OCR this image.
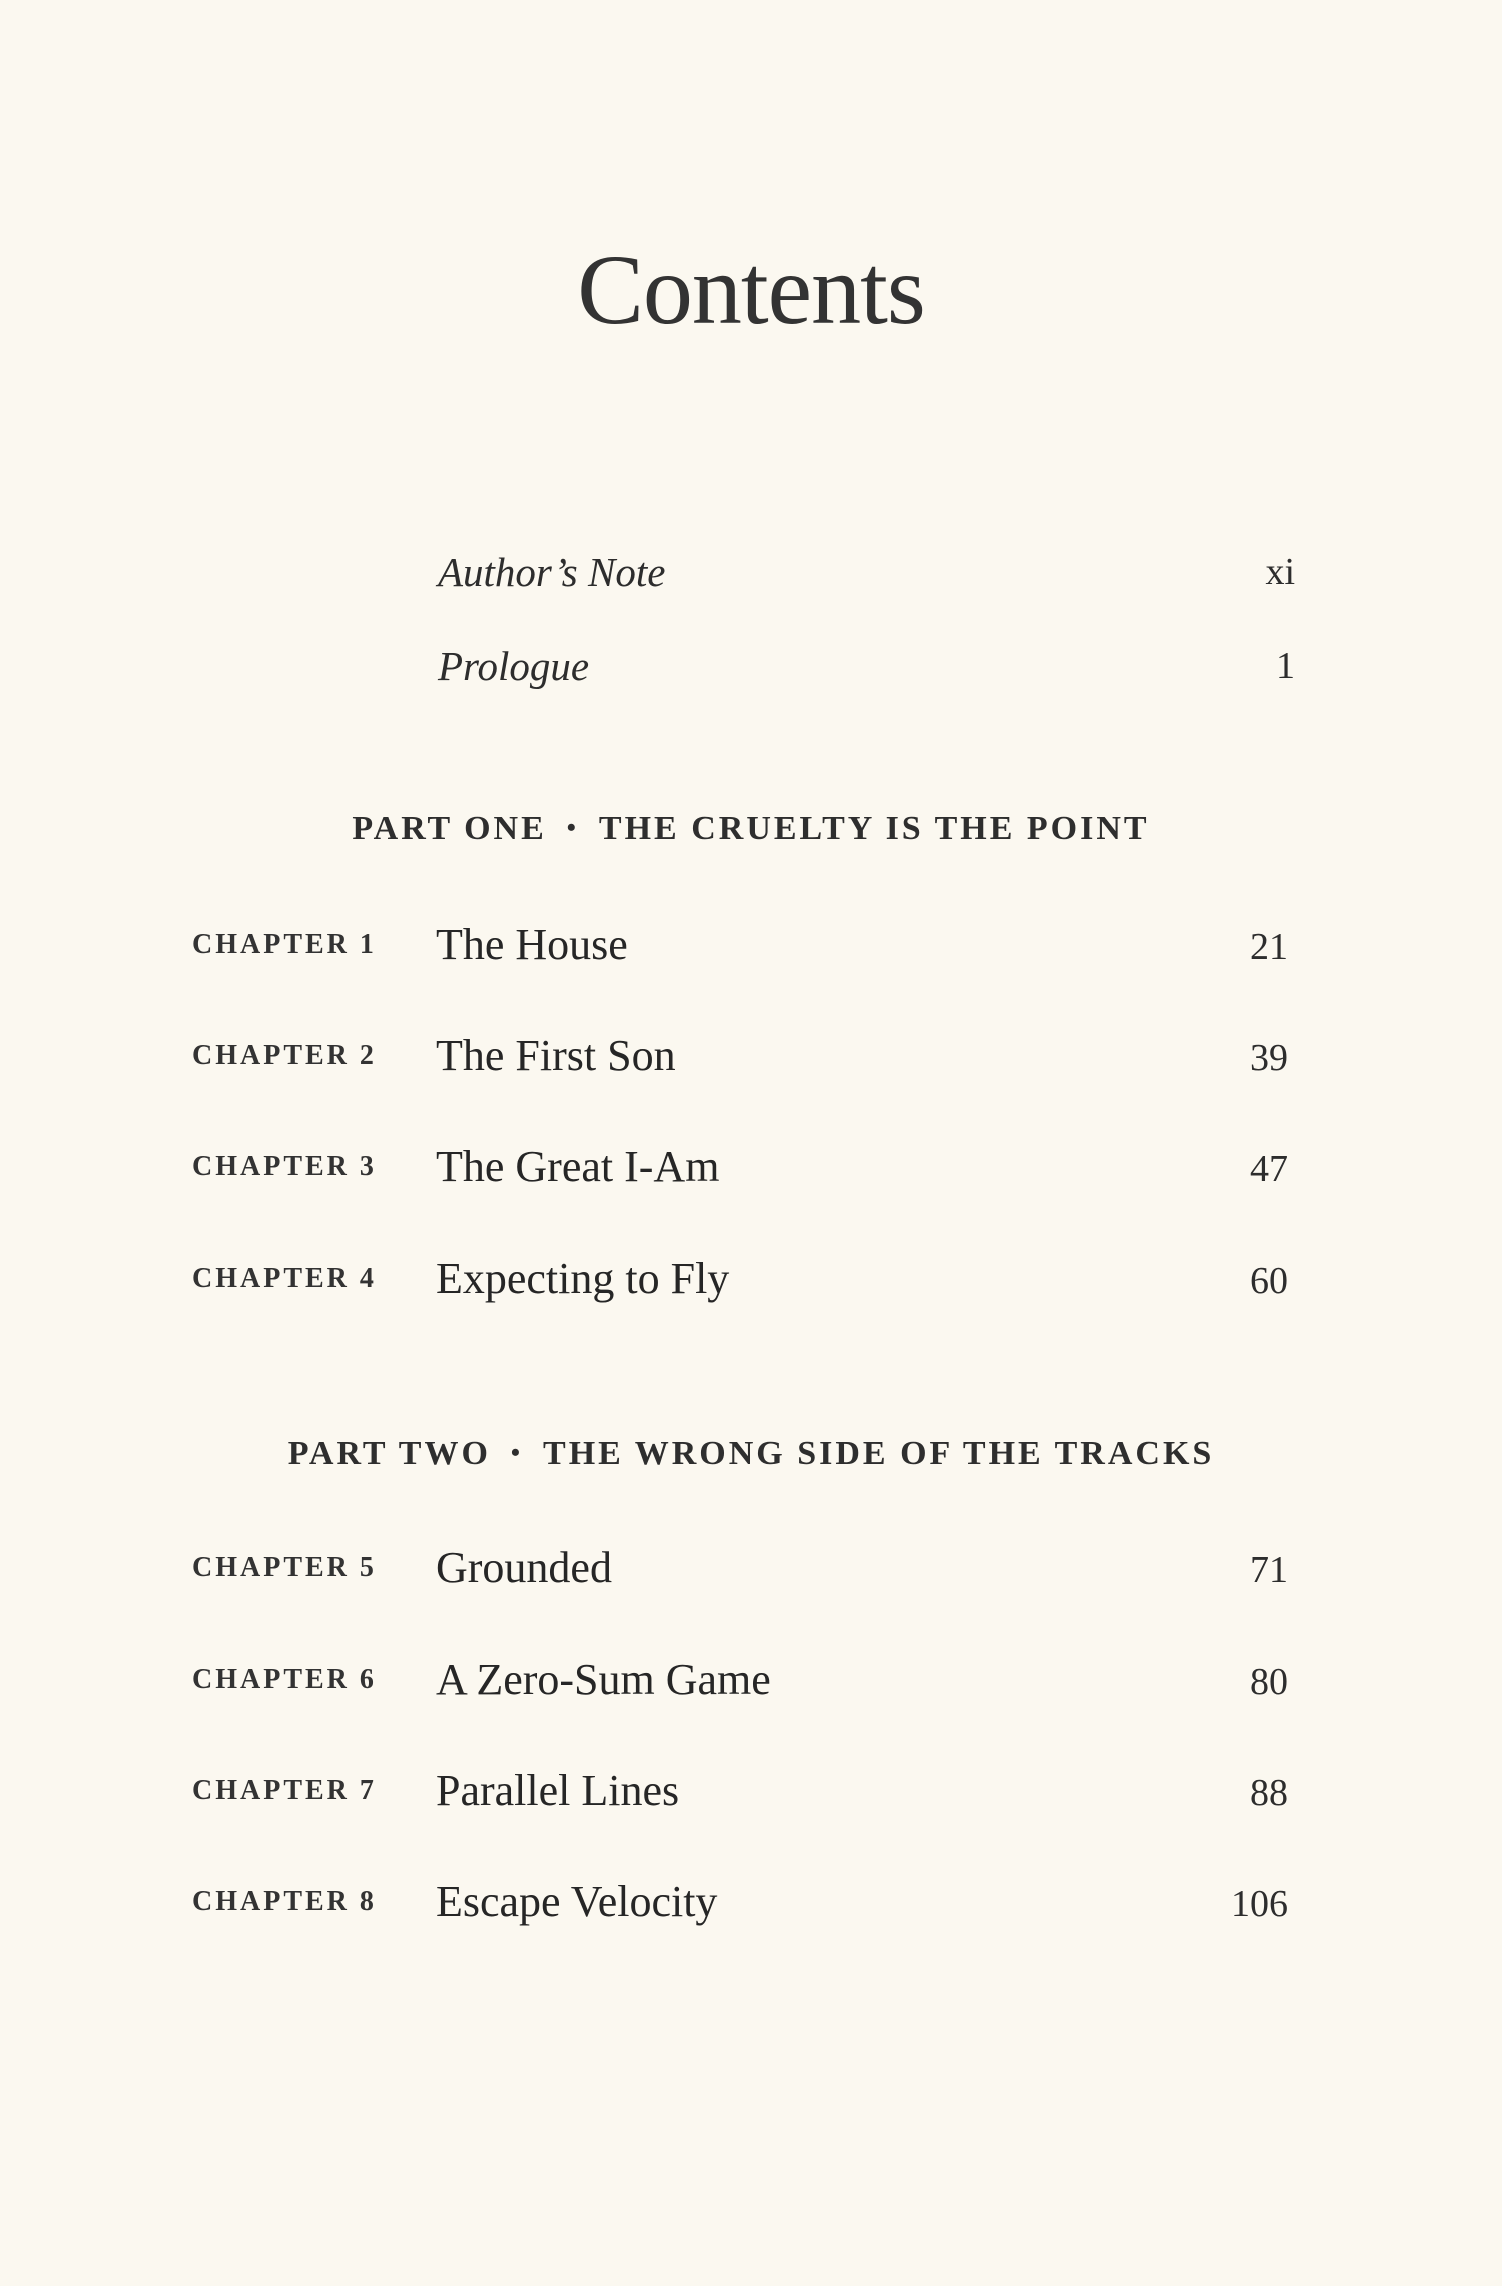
Contents
Author’s Note	xi
Prologue	1
PART ONE • THE CRUELTY IS THE POINT
CHAPTER 1	The House	21
CHAPTER 2	The First Son	39
CHAPTER 3	The Great I-Am	47
CHAPTER 4	Expecting to Fly	60
PART TWO • THE WRONG SIDE OF THE TRACKS
CHAPTER 5	Grounded	71
CHAPTER 6	A Zero-Sum Game	80
CHAPTER 7	Parallel Lines	88
CHAPTER 8	Escape Velocity	106
